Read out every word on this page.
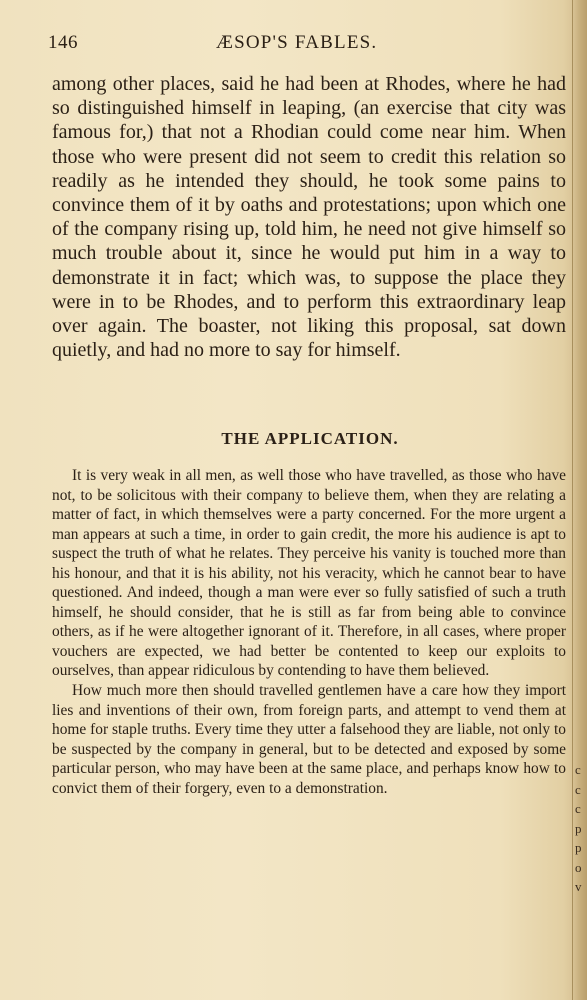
146	ÆSOP'S FABLES.

among other places, said he had been at Rhodes, where he had so distinguished himself in leaping, (an exercise that city was famous for,) that not a Rhodian could come near him. When those who were present did not seem to credit this relation so readily as he intended they should, he took some pains to convince them of it by oaths and protestations; upon which one of the company rising up, told him, he need not give himself so much trouble about it, since he would put him in a way to demonstrate it in fact; which was, to suppose the place they were in to be Rhodes, and to perform this extraordinary leap over again. The boaster, not liking this proposal, sat down quietly, and had no more to say for himself.

THE APPLICATION.

It is very weak in all men, as well those who have travelled, as those who have not, to be solicitous with their company to believe them, when they are relating a matter of fact, in which themselves were a party concerned. For the more urgent a man appears at such a time, in order to gain credit, the more his audience is apt to suspect the truth of what he relates. They perceive his vanity is touched more than his honour, and that it is his ability, not his veracity, which he cannot bear to have questioned. And indeed, though a man were ever so fully satisfied of such a truth himself, he should consider, that he is still as far from being able to convince others, as if he were altogether ignorant of it. Therefore, in all cases, where proper vouchers are expected, we had better be contented to keep our exploits to ourselves, than appear ridiculous by contending to have them believed.

How much more then should travelled gentlemen have a care how they import lies and inventions of their own, from foreign parts, and attempt to vend them at home for staple truths. Every time they utter a falsehood they are liable, not only to be suspected by the company in general, but to be detected and exposed by some particular person, who may have been at the same place, and perhaps know how to convict them of their forgery, even to a demonstration.

c
c
c
p
p
o
v
